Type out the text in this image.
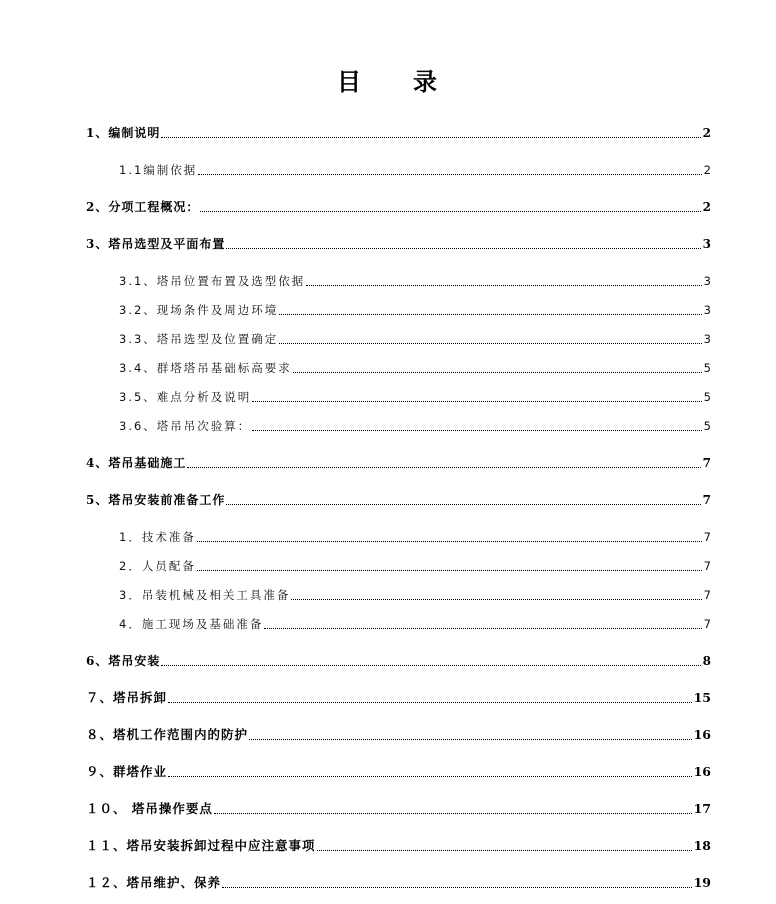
目 录
1、编制说明	2
1.1编制依据	2
2、分项工程概况：	2
3、塔吊选型及平面布置	3
3.1、塔吊位置布置及选型依据	3
3.2、现场条件及周边环境	3
3.3、塔吊选型及位置确定	3
3.4、群塔塔吊基础标高要求	5
3.5、难点分析及说明	5
3.6、塔吊吊次验算：	5
4、塔吊基础施工	7
5、塔吊安装前准备工作	7
1．技术准备	7
2．人员配备	7
3．吊装机械及相关工具准备	7
4．施工现场及基础准备	7
6、塔吊安装	8
７、塔吊拆卸	15
８、塔机工作范围内的防护	16
９、群塔作业	16
１０、 塔吊操作要点	17
１１、塔吊安装拆卸过程中应注意事项	18
１２、塔吊维护、保养	19
